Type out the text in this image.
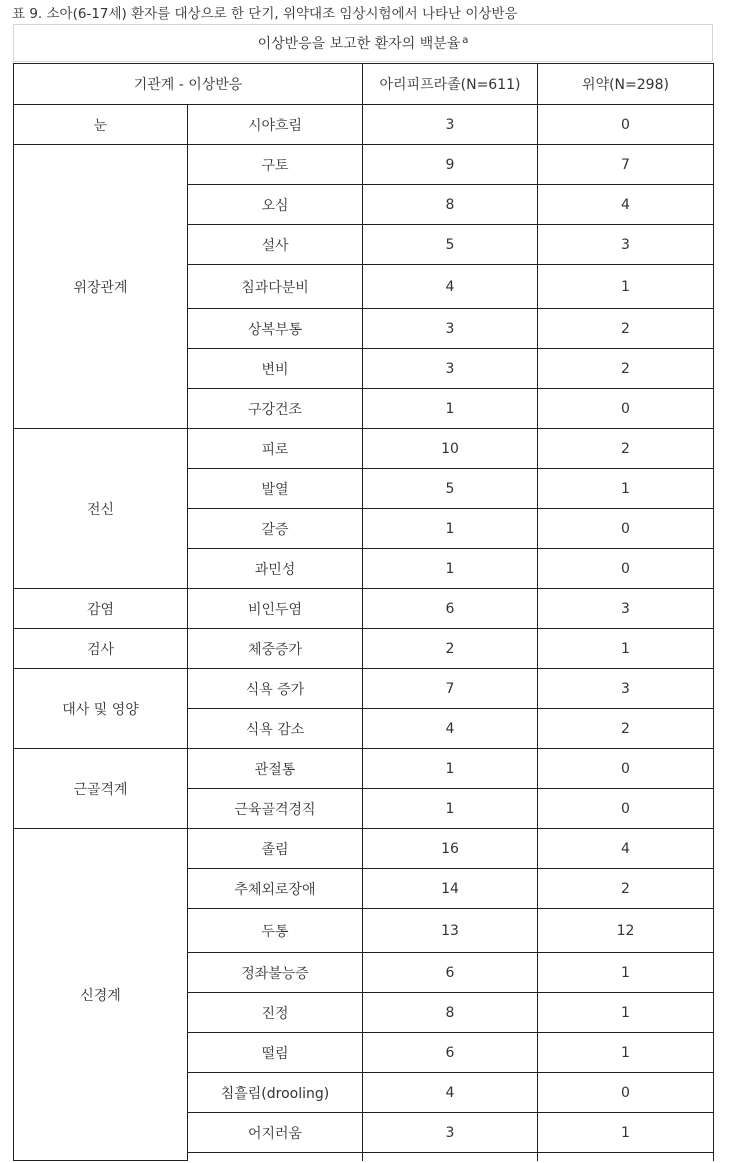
표 9. 소아(6-17세) 환자를 대상으로 한 단기, 위약대조 임상시험에서 나타난 이상반응
이상반응을 보고한 환자의 백분율$^a$
기관계 - 이상반응		아리피프라졸(N=611)	위약(N=298)
눈	시야흐림	3	0
위장관계	구토	9	7
	오심	8	4
	설사	5	3
	침과다분비	4	1
	상복부통	3	2
	변비	3	2
	구강건조	1	0
전신	피로	10	2
	발열	5	1
	갈증	1	0
	과민성	1	0
감염	비인두염	6	3
검사	체중증가	2	1
대사 및 영양	식욕 증가	7	3
	식욕 감소	4	2
근골격계	관절통	1	0
	근육골격경직	1	0
신경계	졸림	16	4
	추체외로장애	14	2
	두통	13	12
	정좌불능증	6	1
	진정	8	1
	떨림	6	1
	침흘림(drooling)	4	0
	어지러움	3	1
